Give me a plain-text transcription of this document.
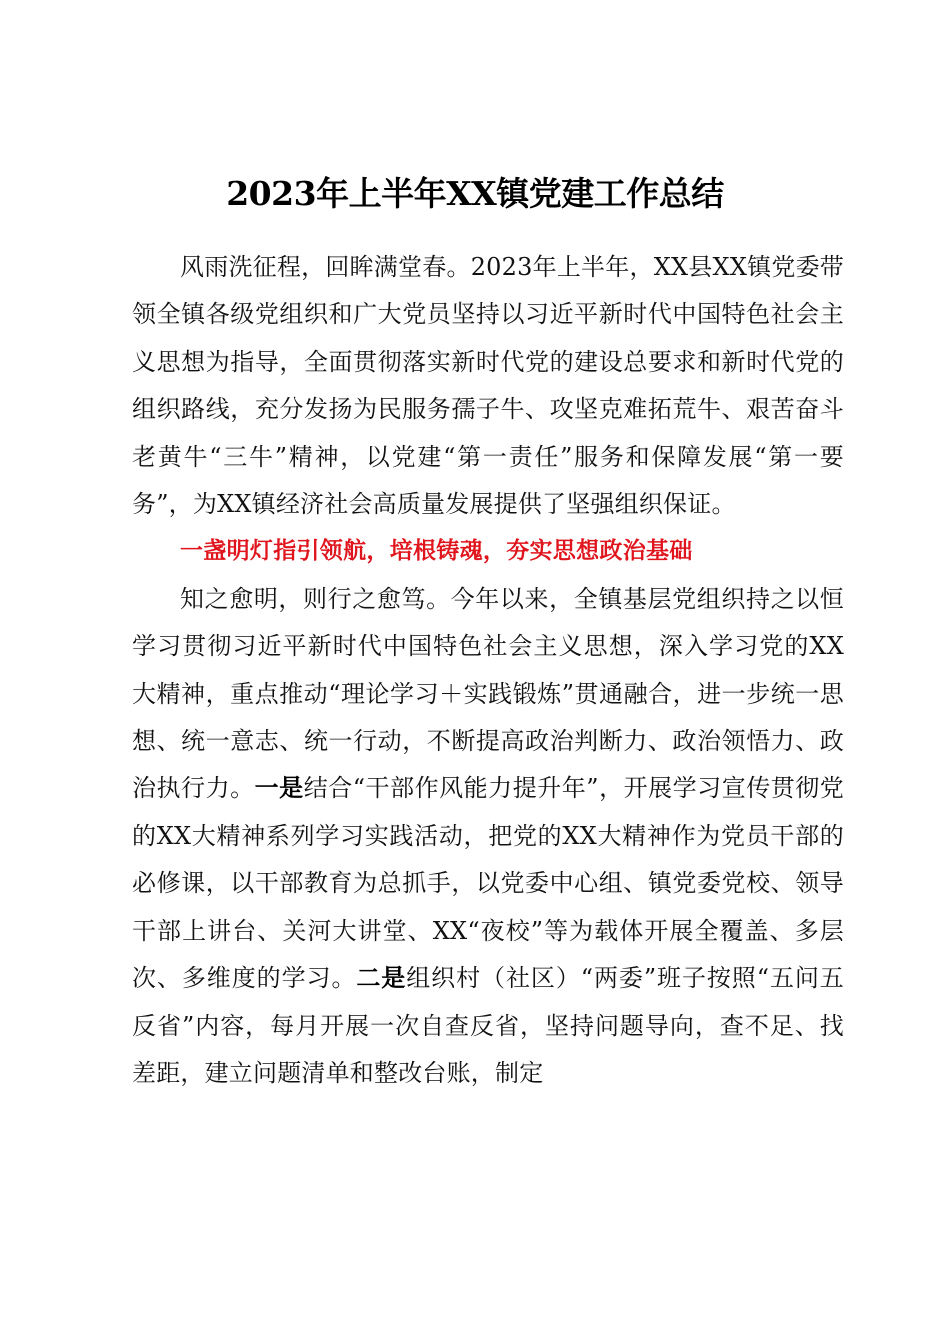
2023年上半年XX镇党建工作总结

风雨洗征程，回眸满堂春。2023年上半年，XX县XX镇党委带领全镇各级党组织和广大党员坚持以习近平新时代中国特色社会主义思想为指导，全面贯彻落实新时代党的建设总要求和新时代党的组织路线，充分发扬为民服务孺子牛、攻坚克难拓荒牛、艰苦奋斗老黄牛“三牛”精神，以党建“第一责任”服务和保障发展“第一要务”，为XX镇经济社会高质量发展提供了坚强组织保证。

一盏明灯指引领航，培根铸魂，夯实思想政治基础

知之愈明，则行之愈笃。今年以来，全镇基层党组织持之以恒学习贯彻习近平新时代中国特色社会主义思想，深入学习党的XX大精神，重点推动“理论学习＋实践锻炼”贯通融合，进一步统一思想、统一意志、统一行动，不断提高政治判断力、政治领悟力、政治执行力。一是结合“干部作风能力提升年”，开展学习宣传贯彻党的XX大精神系列学习实践活动，把党的XX大精神作为党员干部的必修课，以干部教育为总抓手，以党委中心组、镇党委党校、领导干部上讲台、关河大讲堂、XX“夜校”等为载体开展全覆盖、多层次、多维度的学习。二是组织村（社区）“两委”班子按照“五问五反省”内容，每月开展一次自查反省，坚持问题导向，查不足、找差距，建立问题清单和整改台账，制定
